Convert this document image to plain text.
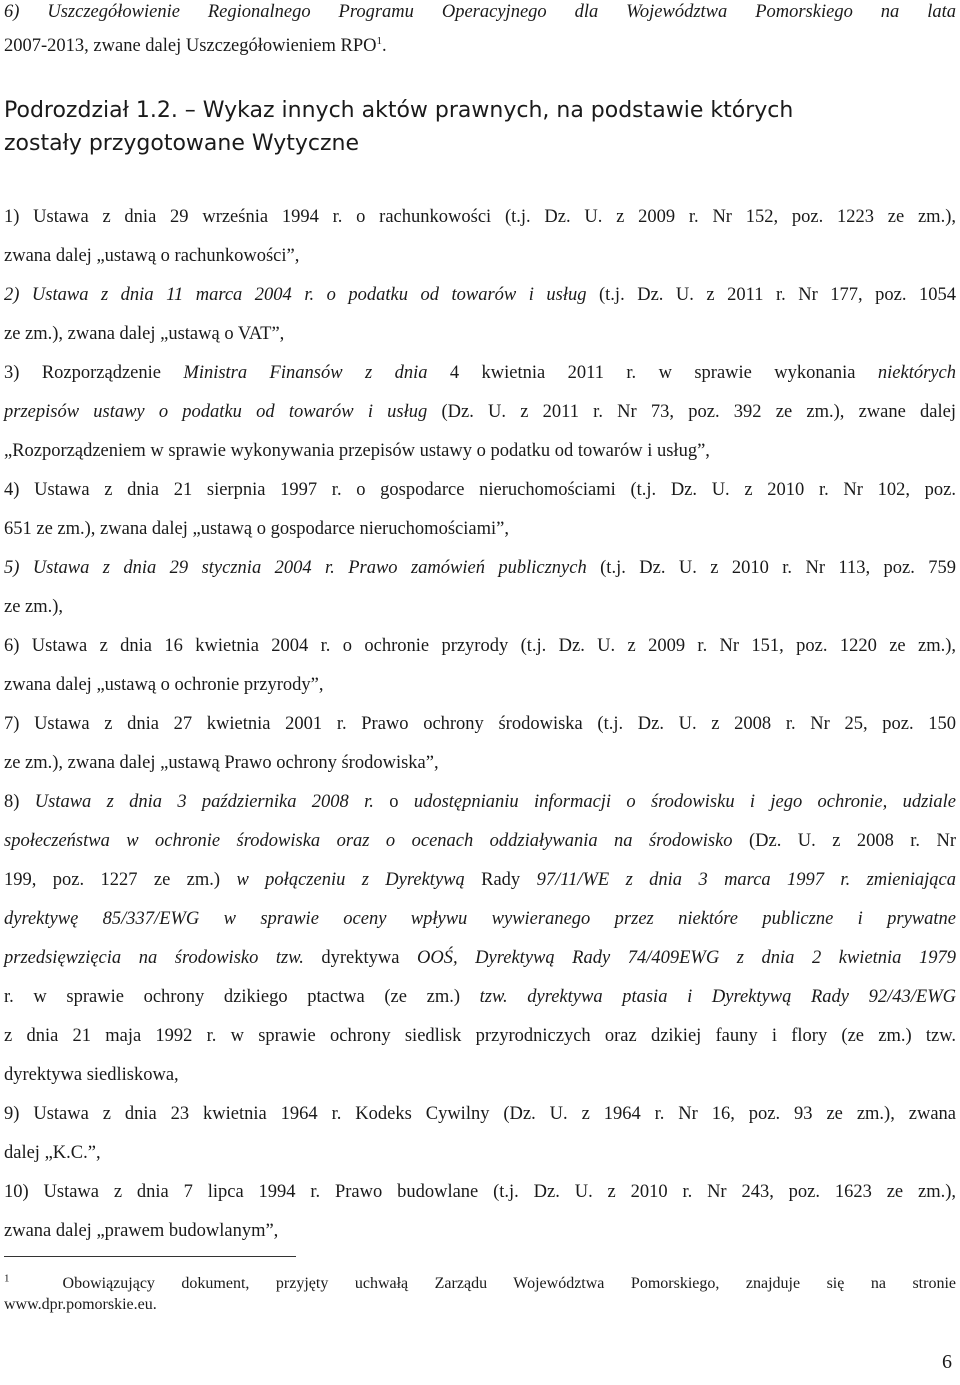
6) Uszczegółowienie Regionalnego Programu Operacyjnego dla Województwa Pomorskiego na lata
2007-2013, zwane dalej Uszczegółowieniem RPO$^1$.
Podrozdział 1.2. – Wykaz innych aktów prawnych, na podstawie których
zostały przygotowane Wytyczne
1) Ustawa z dnia 29 września 1994 r. o rachunkowości (t.j. Dz. U. z 2009 r. Nr 152, poz. 1223 ze zm.),
zwana dalej „ustawą o rachunkowości”,
2) Ustawa z dnia 11 marca 2004 r. o podatku od towarów i usług (t.j. Dz. U. z 2011 r. Nr 177, poz. 1054
ze zm.), zwana dalej „ustawą o VAT”,
3) Rozporządzenie Ministra Finansów z dnia 4 kwietnia 2011 r. w sprawie wykonania niektórych
przepisów ustawy o podatku od towarów i usług (Dz. U. z 2011 r. Nr 73, poz. 392 ze zm.), zwane dalej
„Rozporządzeniem w sprawie wykonywania przepisów ustawy o podatku od towarów i usług”,
4) Ustawa z dnia 21 sierpnia 1997 r. o gospodarce nieruchomościami (t.j. Dz. U. z 2010 r. Nr 102, poz.
651 ze zm.), zwana dalej „ustawą o gospodarce nieruchomościami”,
5) Ustawa z dnia 29 stycznia 2004 r. Prawo zamówień publicznych (t.j. Dz. U. z 2010 r. Nr 113, poz. 759
ze zm.),
6) Ustawa z dnia 16 kwietnia 2004 r. o ochronie przyrody (t.j. Dz. U. z 2009 r. Nr 151, poz. 1220 ze zm.),
zwana dalej „ustawą o ochronie przyrody”,
7) Ustawa z dnia 27 kwietnia 2001 r. Prawo ochrony środowiska (t.j. Dz. U. z 2008 r. Nr 25, poz. 150
ze zm.), zwana dalej „ustawą Prawo ochrony środowiska”,
8) Ustawa z dnia 3 października 2008 r. o udostępnianiu informacji o środowisku i jego ochronie, udziale
społeczeństwa w ochronie środowiska oraz o ocenach oddziaływania na środowisko (Dz. U. z 2008 r. Nr
199, poz. 1227 ze zm.) w połączeniu z Dyrektywą Rady 97/11/WE z dnia 3 marca 1997 r. zmieniająca
dyrektywę 85/337/EWG w sprawie oceny wpływu wywieranego przez niektóre publiczne i prywatne
przedsięwzięcia na środowisko tzw. dyrektywa OOŚ, Dyrektywą Rady 74/409EWG z dnia 2 kwietnia 1979
r. w sprawie ochrony dzikiego ptactwa (ze zm.) tzw. dyrektywa ptasia i Dyrektywą Rady 92/43/EWG
z dnia 21 maja 1992 r. w sprawie ochrony siedlisk przyrodniczych oraz dzikiej fauny i flory (ze zm.) tzw.
dyrektywa siedliskowa,
9) Ustawa z dnia 23 kwietnia 1964 r. Kodeks Cywilny (Dz. U. z 1964 r. Nr 16, poz. 93 ze zm.), zwana
dalej „K.C.”,
10) Ustawa z dnia 7 lipca 1994 r. Prawo budowlane (t.j. Dz. U. z 2010 r. Nr 243, poz. 1623 ze zm.),
zwana dalej „prawem budowlanym”,
$^1$	Obowiązujący dokument, przyjęty uchwałą Zarządu Województwa Pomorskiego, znajduje się na stronie
www.dpr.pomorskie.eu.
6
